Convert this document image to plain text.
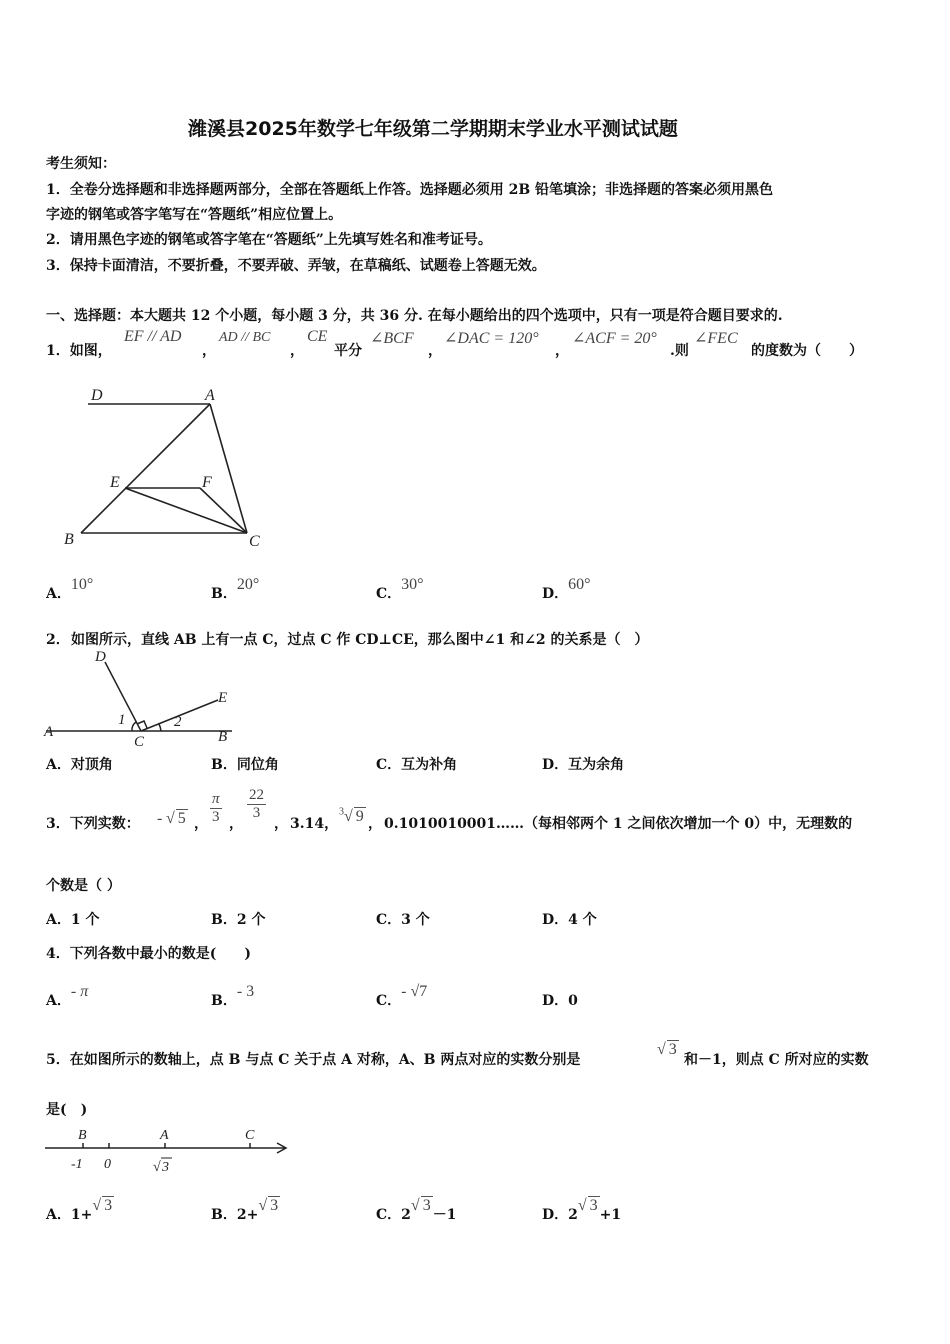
潍溪县2025年数学七年级第二学期期末学业水平测试试题
考生须知：
1．全卷分选择题和非选择题两部分，全部在答题纸上作答。选择题必须用 2B 铅笔填涂；非选择题的答案必须用黑色
字迹的钢笔或答字笔写在“答题纸”相应位置上。
2．请用黑色字迹的钢笔或答字笔在“答题纸”上先填写姓名和准考证号。
3．保持卡面清洁，不要折叠，不要弄破、弄皱，在草稿纸、试题卷上答题无效。
一、选择题：本大题共 12 个小题，每小题 3 分，共 36 分. 在每小题给出的四个选项中，只有一项是符合题目要求的.
1．如图，
EF // AD
，
AD // BC
，
CE
平分
∠BCF
，
∠DAC = 120°
，
∠ACF = 20°
.则
∠FEC
的度数为（　　）
D	A
E	F
B	C
A．10°
B．20°
C．30°
D．60°
2． 如图所示，直线 AB 上有一点 C，过点 C 作 CD⊥CE，那么图中∠1 和∠2 的关系是（　）
D
E
A
C	B
1	2
A．对顶角	B．同位角	C．互为补角	D．互为余角
3．下列实数： - √ 5 ， $\frac{\pi}{3}$ ，
$\frac{22}{3}$
， 3.14，
$^3$√ 9 ， 0.1010010001……（每相邻两个 1 之间依次增加一个 0）中，无理数的
个数是（ ）
A．1 个	B．2 个	C．3 个	D．4 个
4．下列各数中最小的数是(　　)
A．- π
B．- 3
C．- √7
D．0
5．在如图所示的数轴上，点 B 与点 C 关于点 A 对称，A、B 两点对应的实数分别是
√ 3
和－1，则点 C 所对应的实数
是(　)
B	A	C
-1 0	√ 3
A．1+√ 3
B．2+√ 3
C．2√ 3－1	D．2√ 3+1
